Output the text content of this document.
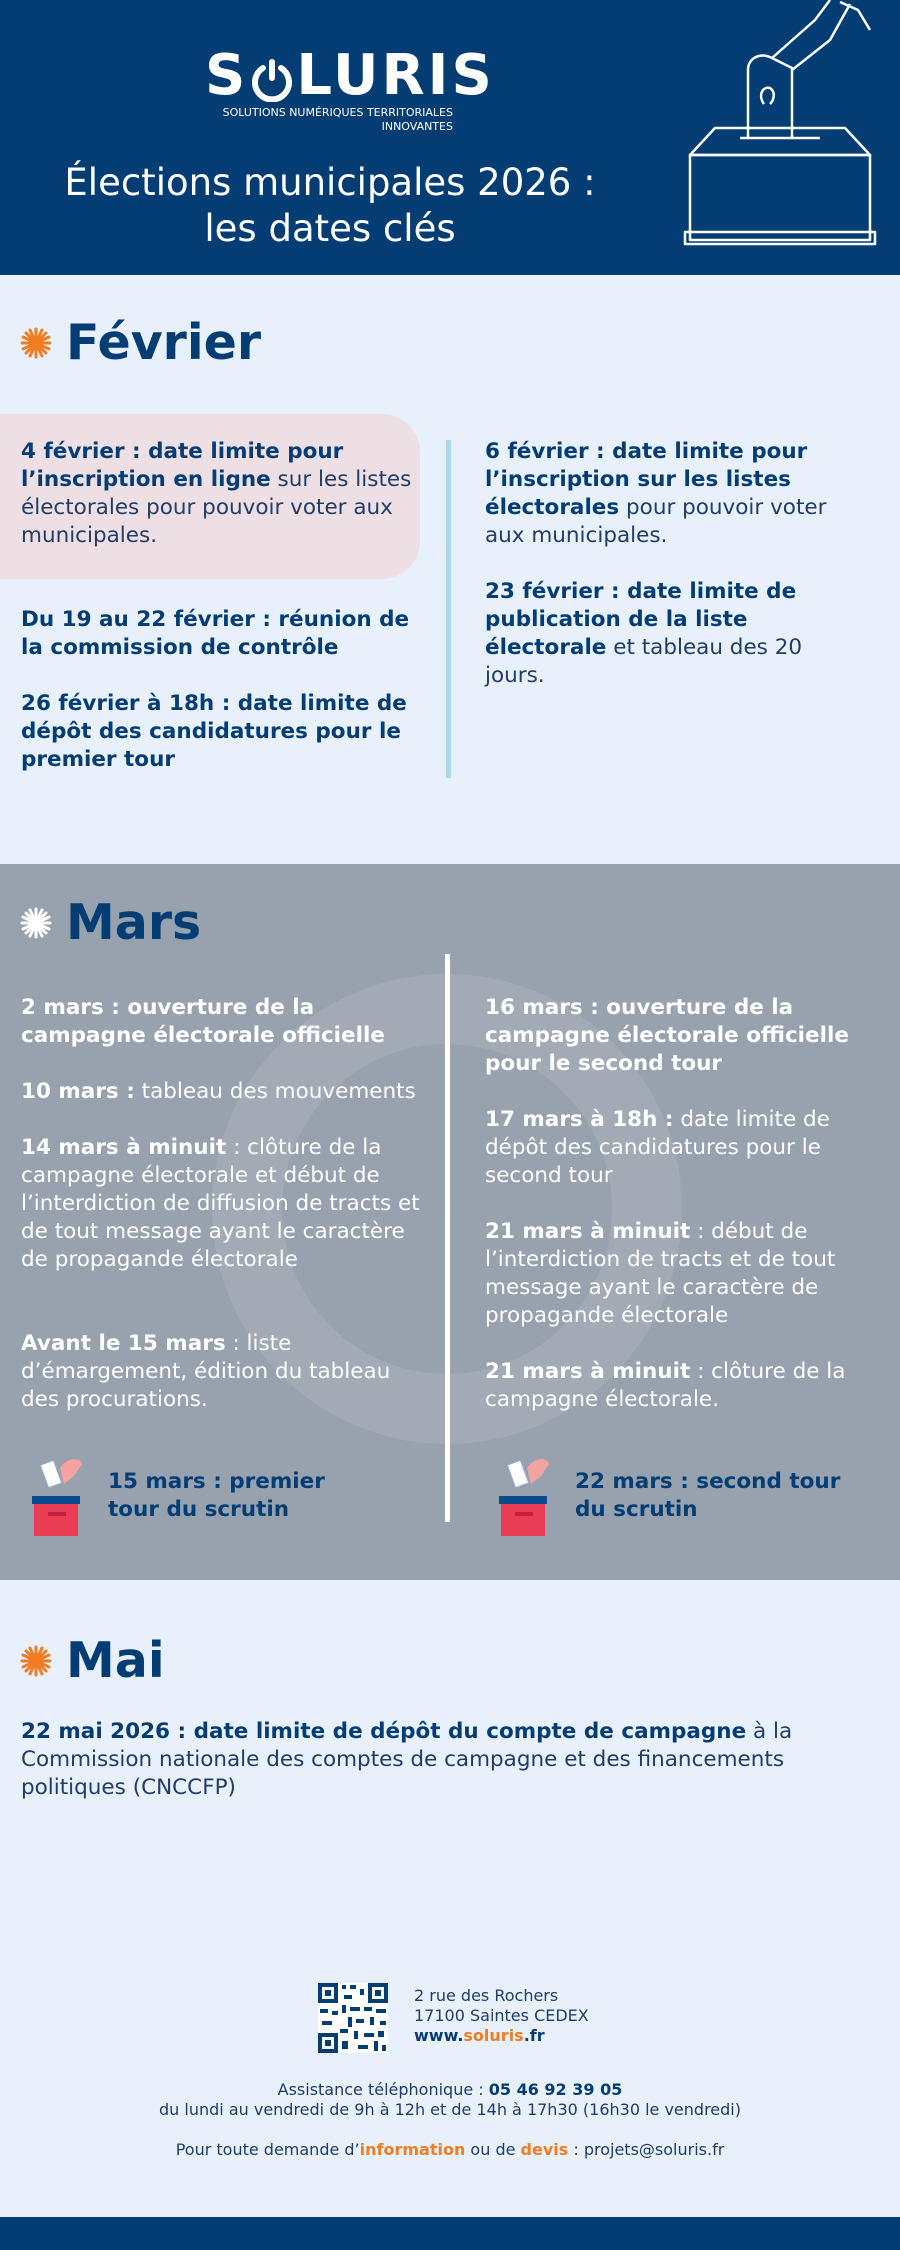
S LURIS
SOLUTIONS NUMÉRIQUES TERRITORIALES
INNOVANTES
Élections municipales 2026 :
les dates clés
Février
4 février : date limite pour l’inscription en ligne sur les listes électorales pour pouvoir voter aux municipales.
Du 19 au 22 février : réunion de la commission de contrôle
26 février à 18h : date limite de dépôt des candidatures pour le premier tour
6 février : date limite pour l’inscription sur les listes électorales pour pouvoir voter aux municipales.
23 février : date limite de publication de la liste électorale et tableau des 20 jours.
Mars
2 mars : ouverture de la campagne électorale officielle
10 mars : tableau des mouvements
14 mars à minuit : clôture de la campagne électorale et début de l’interdiction de diffusion de tracts et de tout message ayant le caractère de propagande électorale
Avant le 15 mars : liste d’émargement, édition du tableau des procurations.
16 mars : ouverture de la campagne électorale officielle pour le second tour
17 mars à 18h : date limite de dépôt des candidatures pour le second tour
21 mars à minuit : début de l’interdiction de tracts et de tout message ayant le caractère de propagande électorale
21 mars à minuit : clôture de la campagne électorale.
15 mars : premier tour du scrutin
22 mars : second tour du scrutin
Mai
22 mai 2026 : date limite de dépôt du compte de campagne à la Commission nationale des comptes de campagne et des financements politiques (CNCCFP)
2 rue des Rochers
17100 Saintes CEDEX
www.soluris.fr
Assistance téléphonique : 05 46 92 39 05
du lundi au vendredi de 9h à 12h et de 14h à 17h30 (16h30 le vendredi)
Pour toute demande d’information ou de devis : projets@soluris.fr
